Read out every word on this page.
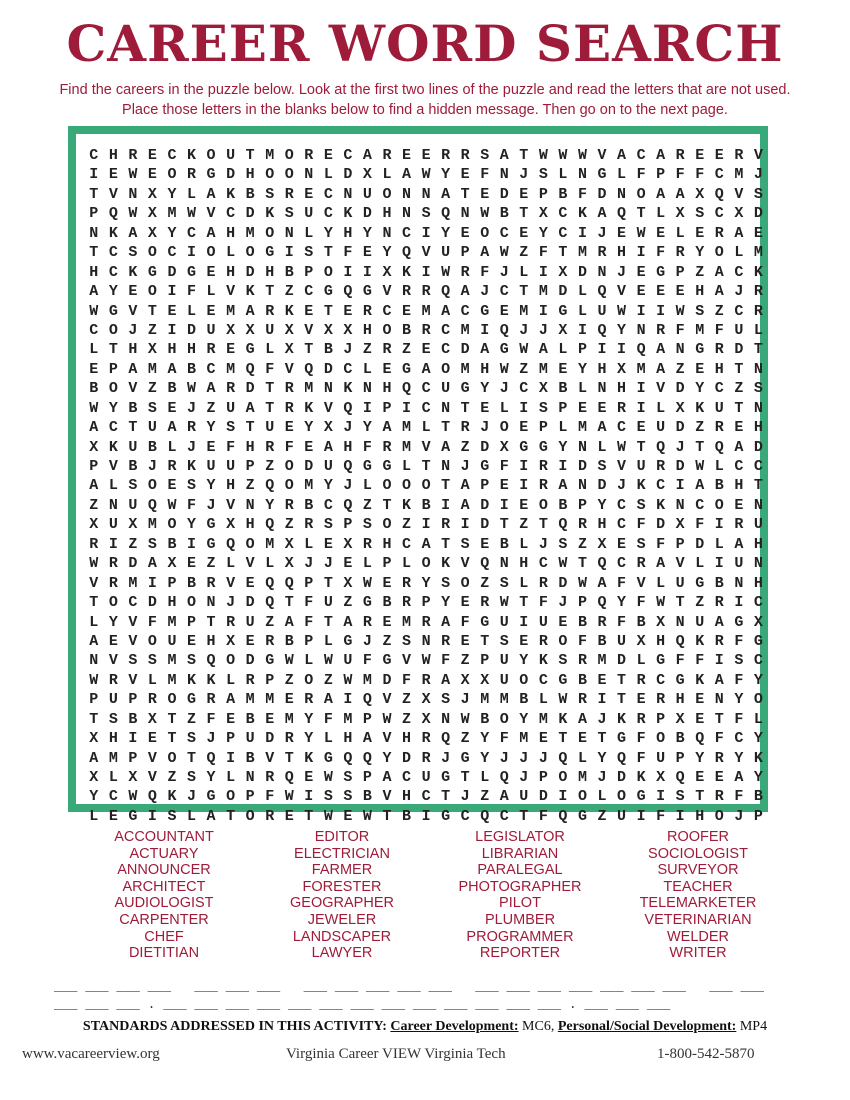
CAREER WORD SEARCH
Find the careers in the puzzle below. Look at the first two lines of the puzzle and read the letters that are not used.
Place those letters in the blanks below to find a hidden message. Then go on to the next page.
C H R E C K O U T M O R E C A R E E R R S A T W W W V A C A R E E R V
I E W E O R G D H O O N L D X L A W Y E F N J S L N G L F P F F C M J
T V N X Y L A K B S R E C N U O N N A T E D E P B F D N O A A X Q V S
P Q W X M W V C D K S U C K D H N S Q N W B T X C K A Q T L X S C X D
N K A X Y C A H M O N L Y H Y N C I Y E O C E Y C I J E W E L E R A E
T C S O C I O L O G I S T F E Y Q V U P A W Z F T M R H I F R Y O L M
H C K G D G E H D H B P O I I X K I W R F J L I X D N J E G P Z A C K
A Y E O I F L V K T Z C G Q G V R R Q A J C T M D L Q V E E E H A J R
W G V T E L E M A R K E T E R C E M A C G E M I G L U W I I W S Z C R
C O J Z I D U X X U X V X X H O B R C M I Q J J X I Q Y N R F M F U L
L T H X H H R E G L X T B J Z R Z E C D A G W A L P I I Q A N G R D T
E P A M A B C M Q F V Q D C L E G A O M H W Z M E Y H X M A Z E H T N
B O V Z B W A R D T R M N K N H Q C U G Y J C X B L N H I V D Y C Z S
W Y B S E J Z U A T R K V Q I P I C N T E L I S P E E R I L X K U T N
A C T U A R Y S T U E Y X J Y A M L T R J O E P L M A C E U D Z R E H
X K U B L J E F H R F E A H F R M V A Z D X G G Y N L W T Q J T Q A D
P V B J R K U U P Z O D U Q G G L T N J G F I R I D S V U R D W L C C
A L S O E S Y H Z Q O M Y J L O O O T A P E I R A N D J K C I A B H T
Z N U Q W F J V N Y R B C Q Z T K B I A D I E O B P Y C S K N C O E N
X U X M O Y G X H Q Z R S P S O Z I R I D T Z T Q R H C F D X F I R U
R I Z S B I G Q O M X L E X R H C A T S E B L J S Z X E S F P D L A H
W R D A X E Z L V L X J J E L P L O K V Q N H C W T Q C R A V L I U N
V R M I P B R V E Q Q P T X W E R Y S O Z S L R D W A F V L U G B N H
T O C D H O N J D Q T F U Z G B R P Y E R W T F J P Q Y F W T Z R I C
L Y V F M P T R U Z A F T A R E M R A F G U I U E B R F B X N U A G X
A E V O U E H X E R B P L G J Z S N R E T S E R O F B U X H Q K R F G
N V S S M S Q O D G W L W U F G V W F Z P U Y K S R M D L G F F I S C
W R V L M K K L R P Z O Z W M D F R A X X U O C G B E T R C G K A F Y
P U P R O G R A M M E R A I Q V Z X S J M M B L W R I T E R H E N Y O
T S B X T Z F E B E M Y F M P W Z X N W B O Y M K A J K R P X E T F L
X H I E T S J P U D R Y L H A V H R Q Z Y F M E T E T G F O B Q F C Y
A M P V O T Q I B V T K G Q Q Y D R J G Y J J J Q L Y Q F U P Y R Y K
X L X V Z S Y L N R Q E W S P A C U G T L Q J P O M J D K X Q E E A Y
Y C W Q K J G O P F W I S S B V H C T J Z A U D I O L O G I S T R F B
L E G I S L A T O R E T W E W T B I G C Q C T F Q G Z U I F I H O J P
ACCOUNTANT
ACTUARY
ANNOUNCER
ARCHITECT
AUDIOLOGIST
CARPENTER
CHEF
DIETITIAN
EDITOR
ELECTRICIAN
FARMER
FORESTER
GEOGRAPHER
JEWELER
LANDSCAPER
LAWYER
LEGISLATOR
LIBRARIAN
PARALEGAL
PHOTOGRAPHER
PILOT
PLUMBER
PROGRAMMER
REPORTER
ROOFER
SOCIOLOGIST
SURVEYOR
TEACHER
TELEMARKETER
VETERINARIAN
WELDER
WRITER
___ ___ ___ ___   ___ ___ ___   ___ ___ ___ ___ ___   ___ ___ ___ ___ ___ ___ ___   ___ ___
___ ___ ___ . ___ ___ ___ ___ ___ ___ ___ ___ ___ ___ ___ ___ ___ . ___ ___ ___
STANDARDS ADDRESSED IN THIS ACTIVITY: Career Development: MC6, Personal/Social Development: MP4
www.vacareerview.org	Virginia Career VIEW Virginia Tech	1-800-542-5870
